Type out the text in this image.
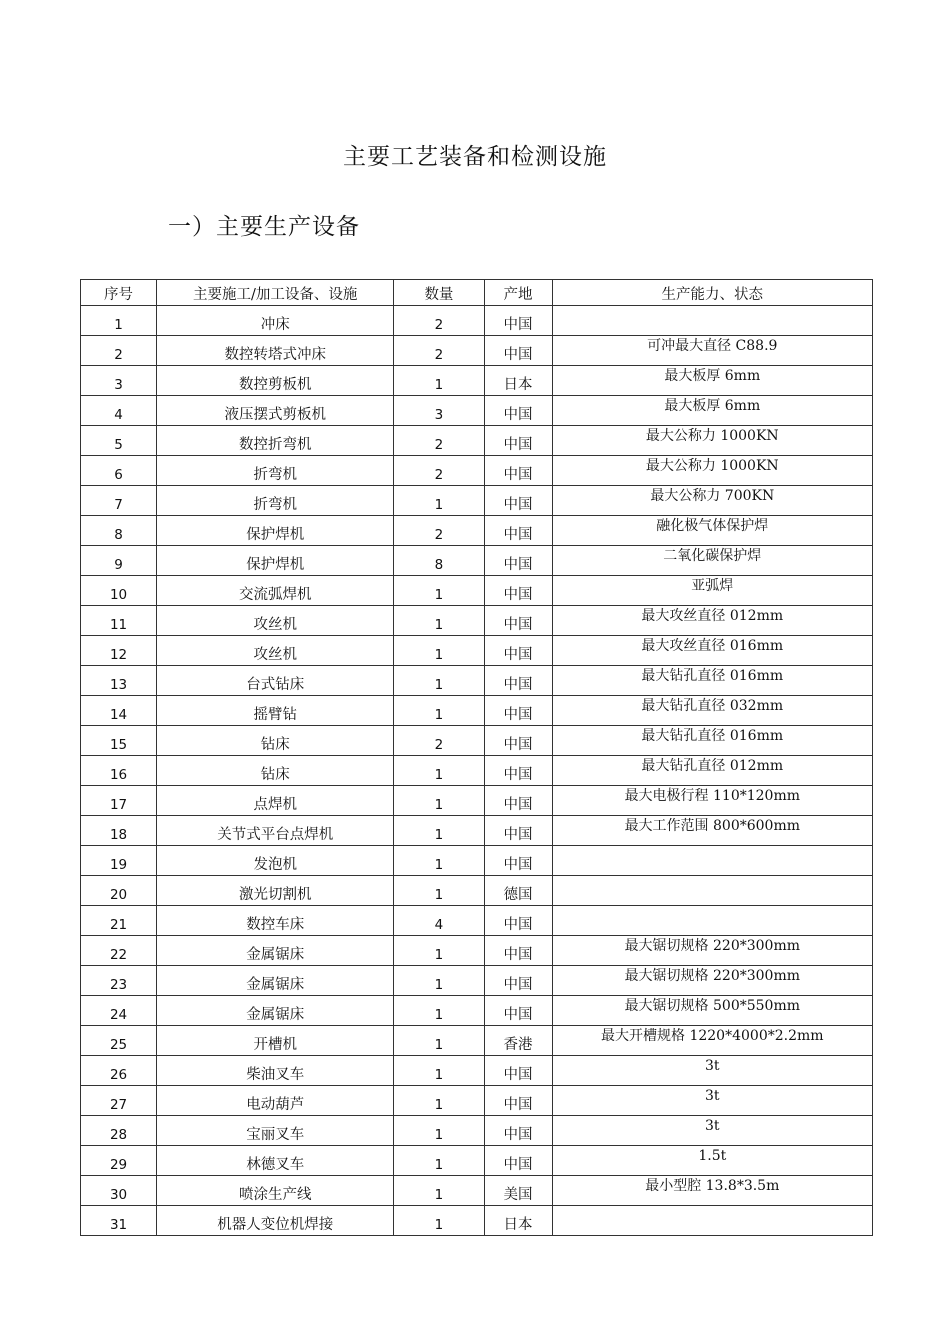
主要工艺装备和检测设施
一）主要生产设备
序号	主要施工/加工设备、设施	数量	产地	生产能力、状态
1	冲床	2	中国	
2	数控转塔式冲床	2	中国	可冲最大直径 C88.9
3	数控剪板机	1	日本	最大板厚 6mm
4	液压摆式剪板机	3	中国	最大板厚 6mm
5	数控折弯机	2	中国	最大公称力 1000KN
6	折弯机	2	中国	最大公称力 1000KN
7	折弯机	1	中国	最大公称力 700KN
8	保护焊机	2	中国	融化极气体保护焊
9	保护焊机	8	中国	二氧化碳保护焊
10	交流弧焊机	1	中国	亚弧焊
11	攻丝机	1	中国	最大攻丝直径 012mm
12	攻丝机	1	中国	最大攻丝直径 016mm
13	台式钻床	1	中国	最大钻孔直径 016mm
14	摇臂钻	1	中国	最大钻孔直径 032mm
15	钻床	2	中国	最大钻孔直径 016mm
16	钻床	1	中国	最大钻孔直径 012mm
17	点焊机	1	中国	最大电极行程 110*120mm
18	关节式平台点焊机	1	中国	最大工作范围 800*600mm
19	发泡机	1	中国	
20	激光切割机	1	德国	
21	数控车床	4	中国	
22	金属锯床	1	中国	最大锯切规格 220*300mm
23	金属锯床	1	中国	最大锯切规格 220*300mm
24	金属锯床	1	中国	最大锯切规格 500*550mm
25	开槽机	1	香港	最大开槽规格 1220*4000*2.2mm
26	柴油叉车	1	中国	3t
27	电动葫芦	1	中国	3t
28	宝丽叉车	1	中国	3t
29	林德叉车	1	中国	1.5t
30	喷涂生产线	1	美国	最小型腔 13.8*3.5m
31	机器人变位机焊接	1	日本	
